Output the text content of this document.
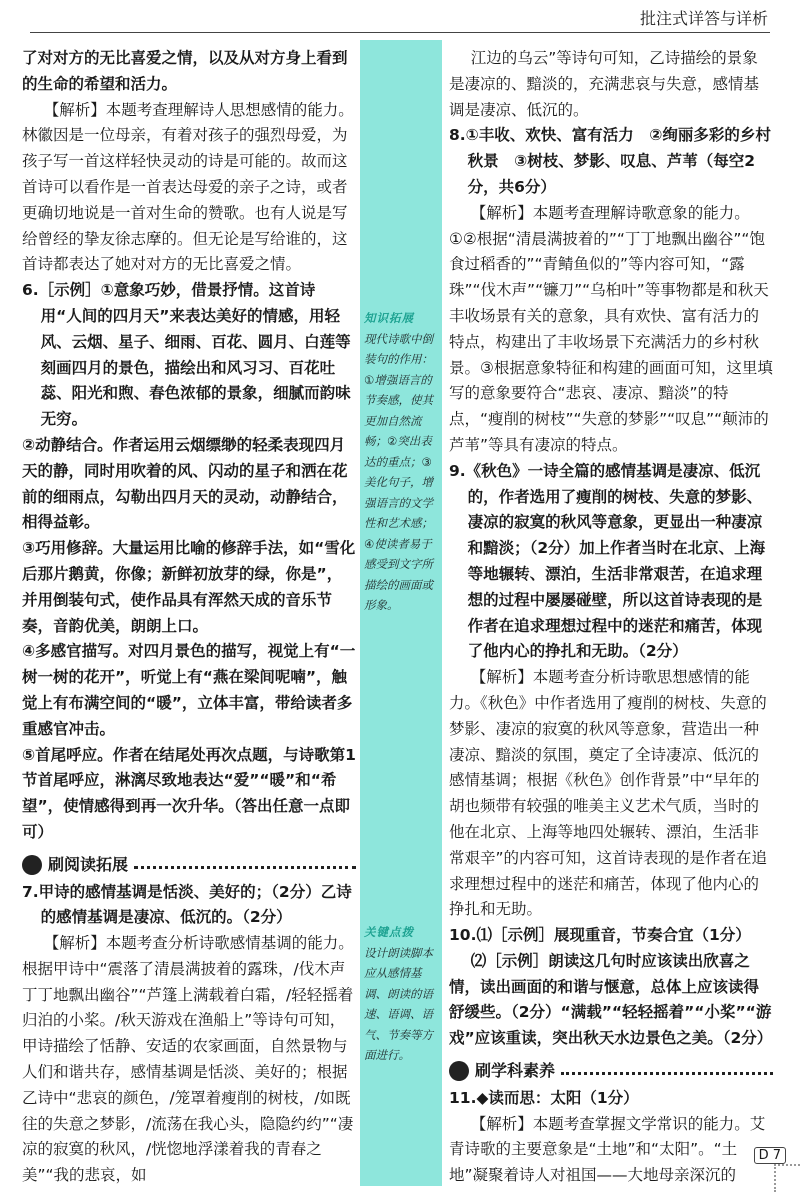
批注式详答与详析

了对对方的无比喜爱之情，以及从对方身上看到的生命的希望和活力。

【解析】本题考查理解诗人思想感情的能力。林徽因是一位母亲，有着对孩子的强烈母爱，为孩子写一首这样轻快灵动的诗是可能的。故而这首诗可以看作是一首表达母爱的亲子之诗，或者更确切地说是一首对生命的赞歌。也有人说是写给曾经的挚友徐志摩的。但无论是写给谁的，这首诗都表达了她对对方的无比喜爱之情。

6.［示例］①意象巧妙，借景抒情。这首诗用“人间的四月天”来表达美好的情感，用轻风、云烟、星子、细雨、百花、圆月、白莲等刻画四月的景色，描绘出和风习习、百花吐蕊、阳光和煦、春色浓郁的景象，细腻而韵味无穷。

②动静结合。作者运用云烟缥缈的轻柔表现四月天的静，同时用吹着的风、闪动的星子和洒在花前的细雨点，勾勒出四月天的灵动，动静结合，相得益彰。

③巧用修辞。大量运用比喻的修辞手法，如“雪化后那片鹅黄，你像；新鲜初放芽的绿，你是”，并用倒装句式，使作品具有浑然天成的音乐节奏，音韵优美，朗朗上口。

④多感官描写。对四月景色的描写，视觉上有“一树一树的花开”，听觉上有“燕在梁间呢喃”，触觉上有布满空间的“暖”，立体丰富，带给读者多重感官冲击。

⑤首尾呼应。作者在结尾处再次点题，与诗歌第1节首尾呼应，淋漓尽致地表达“爱”“暖”和“希望”，使情感得到再一次升华。（答出任意一点即可）

刷阅读拓展

7.甲诗的感情基调是恬淡、美好的；（2分）乙诗的感情基调是凄凉、低沉的。（2分）

【解析】本题考查分析诗歌感情基调的能力。根据甲诗中“震落了清晨满披着的露珠，/伐木声丁丁地飘出幽谷”“芦篷上满载着白霜，/轻轻摇着归泊的小桨。/秋天游戏在渔船上”等诗句可知，甲诗描绘了恬静、安适的农家画面，自然景物与人们和谐共存，感情基调是恬淡、美好的；根据乙诗中“悲哀的颜色，/笼罩着瘦削的树枝，/如既往的失意之梦影，/流荡在我心头，隐隐约约”“凄凉的寂寞的秋风，/恍惚地浮漾着我的青春之美”“我的悲哀，如

知识拓展
现代诗歌中倒装句的作用：①增强语言的节奏感，使其更加自然流畅；②突出表达的重点；③美化句子，增强语言的文学性和艺术感；④使读者易于感受到文字所描绘的画面或形象。
关键点拨
设计朗读脚本应从感情基调、朗读的语速、语调、语气、节奏等方面进行。

江边的乌云”等诗句可知，乙诗描绘的景象是凄凉的、黯淡的，充满悲哀与失意，感情基调是凄凉、低沉的。

8.①丰收、欢快、富有活力　②绚丽多彩的乡村秋景　③树枝、梦影、叹息、芦苇（每空2分，共6分）

【解析】本题考查理解诗歌意象的能力。①②根据“清晨满披着的”“丁丁地飘出幽谷”“饱食过稻香的”“青鲭鱼似的”等内容可知，“露珠”“伐木声”“镰刀”“乌桕叶”等事物都是和秋天丰收场景有关的意象，具有欢快、富有活力的特点，构建出了丰收场景下充满活力的乡村秋景。③根据意象特征和构建的画面可知，这里填写的意象要符合“悲哀、凄凉、黯淡”的特点，“瘦削的树枝”“失意的梦影”“叹息”“颠沛的芦苇”等具有凄凉的特点。

9.《秋色》一诗全篇的感情基调是凄凉、低沉的，作者选用了瘦削的树枝、失意的梦影、凄凉的寂寞的秋风等意象，更显出一种凄凉和黯淡；（2分）加上作者当时在北京、上海等地辗转、漂泊，生活非常艰苦，在追求理想的过程中屡屡碰壁，所以这首诗表现的是作者在追求理想过程中的迷茫和痛苦，体现了他内心的挣扎和无助。（2分）

【解析】本题考查分析诗歌思想感情的能力。《秋色》中作者选用了瘦削的树枝、失意的梦影、凄凉的寂寞的秋风等意象，营造出一种凄凉、黯淡的氛围，奠定了全诗凄凉、低沉的感情基调；根据《秋色》创作背景”中“早年的胡也频带有较强的唯美主义艺术气质，当时的他在北京、上海等地四处辗转、漂泊，生活非常艰辛”的内容可知，这首诗表现的是作者在追求理想过程中的迷茫和痛苦，体现了他内心的挣扎和无助。

10.⑴［示例］展现重音，节奏合宜（1分）

⑵［示例］朗读这几句时应该读出欣喜之情，读出画面的和谐与惬意，总体上应该读得舒缓些。（2分）“满载”“轻轻摇着”“小桨”“游戏”应该重读，突出秋天水边景色之美。（2分）

刷学科素养

11.◆读而思：太阳（1分）

【解析】本题考查掌握文学常识的能力。艾青诗歌的主要意象是“土地”和“太阳”。“土地”凝聚着诗人对祖国——大地母亲深沉的

D 7
